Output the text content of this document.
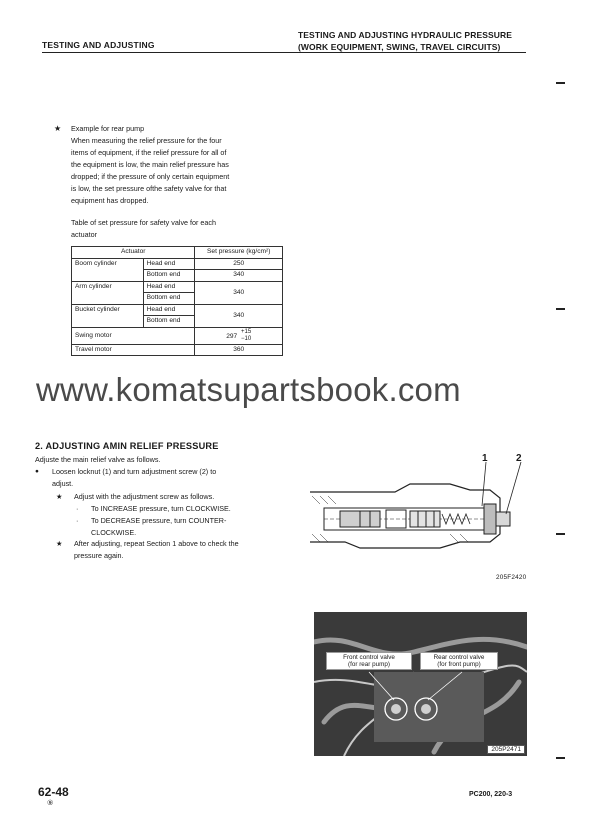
TESTING AND ADJUSTING
TESTING AND ADJUSTING HYDRAULIC PRESSURE
(WORK EQUIPMENT, SWING, TRAVEL CIRCUITS)
★ Example for rear pump
When measuring the relief pressure for the four
items of equipment, if the relief pressure for all of
the equipment is low, the main relief pressure has
dropped; if the pressure of only certain equipment
is low, the set pressure ofthe safety valve for that
equipment has dropped.
Table of set pressure for safety valve for each
actuator
Actuator		Set pressure (kg/cm²)
Boom cylinder	Head end	250
	Bottom end	340
Arm cylinder	Head end	340
	Bottom end	
Bucket cylinder	Head end	340
	Bottom end	
Swing motor		297
+15
−10

Travel motor		360
www.komatsupartsbook.com
2. ADJUSTING AMIN RELIEF PRESSURE
Adjuste the main relief valve as follows.
● Loosen locknut (1) and turn adjustment screw (2) to
adjust.
★ Adjust with the adjustment screw as follows.
· To INCREASE pressure, turn CLOCKWISE.
· To DECREASE pressure, turn COUNTER-
CLOCKWISE.
★ After adjusting, repeat Section 1 above to check the
pressure again.
1	2
205F2420
Front control valve
(for rear pump)
Rear control valve
(for front pump)
205P2471
62-48
⑨
PC200, 220-3
